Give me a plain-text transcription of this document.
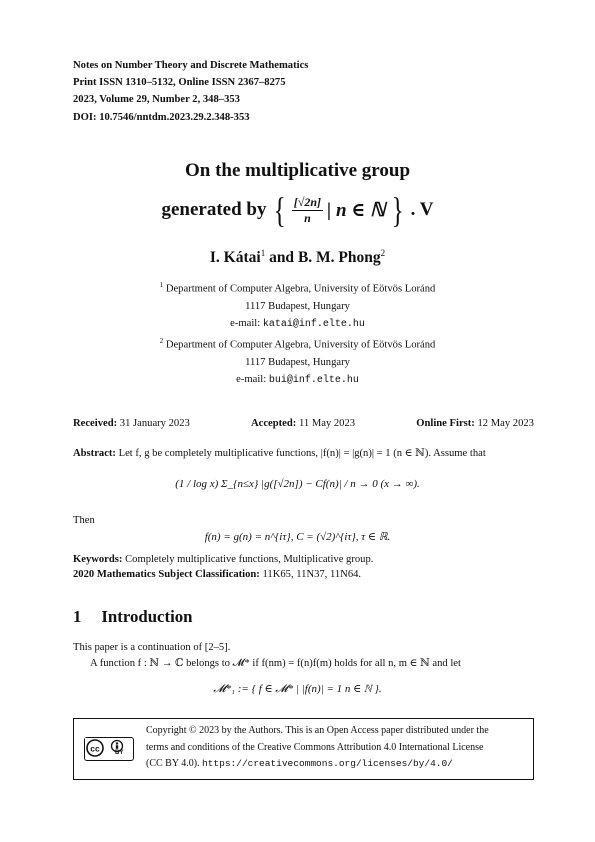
Notes on Number Theory and Discrete Mathematics
Print ISSN 1310–5132, Online ISSN 2367–8275
2023, Volume 29, Number 2, 348–353
DOI: 10.7546/nntdm.2023.29.2.348-353
On the multiplicative group
generated by { $\frac{[√2n]}{n}$ | n ∈ ℕ } . V
I. Kátai$^1$ and B. M. Phong$^2$
$^1$ Department of Computer Algebra, University of Eötvös Loránd
1117 Budapest, Hungary
e-mail: katai@inf.elte.hu
$^2$ Department of Computer Algebra, University of Eötvös Loránd
1117 Budapest, Hungary
e-mail: bui@inf.elte.hu
Received: 31 January 2023	Accepted: 11 May 2023	Online First: 12 May 2023
Abstract: Let f, g be completely multiplicative functions, |f(n)| = |g(n)| = 1 (n ∈ ℕ). Assume that
(1 / log x) Σ_{n≤x} |g([√2n]) − Cf(n)| / n → 0 (x → ∞).
Then
f(n) = g(n) = n^{iτ}, C = (√2)^{iτ}, τ ∈ ℝ.
Keywords: Completely multiplicative functions, Multiplicative group.
2020 Mathematics Subject Classification: 11K65, 11N37, 11N64.
1 Introduction
This paper is a continuation of [2–5].
A function f : ℕ → ℂ belongs to 𝓜* if f(nm) = f(n)f(m) holds for all n, m ∈ ℕ and let
𝓜*₁ := { f ∈ 𝓜* | |f(n)| = 1 n ∈ ℕ }.
cc	BY
Copyright © 2023 by the Authors. This is an Open Access paper distributed under the
terms and conditions of the Creative Commons Attribution 4.0 International License
(CC BY 4.0). https://creativecommons.org/licenses/by/4.0/
